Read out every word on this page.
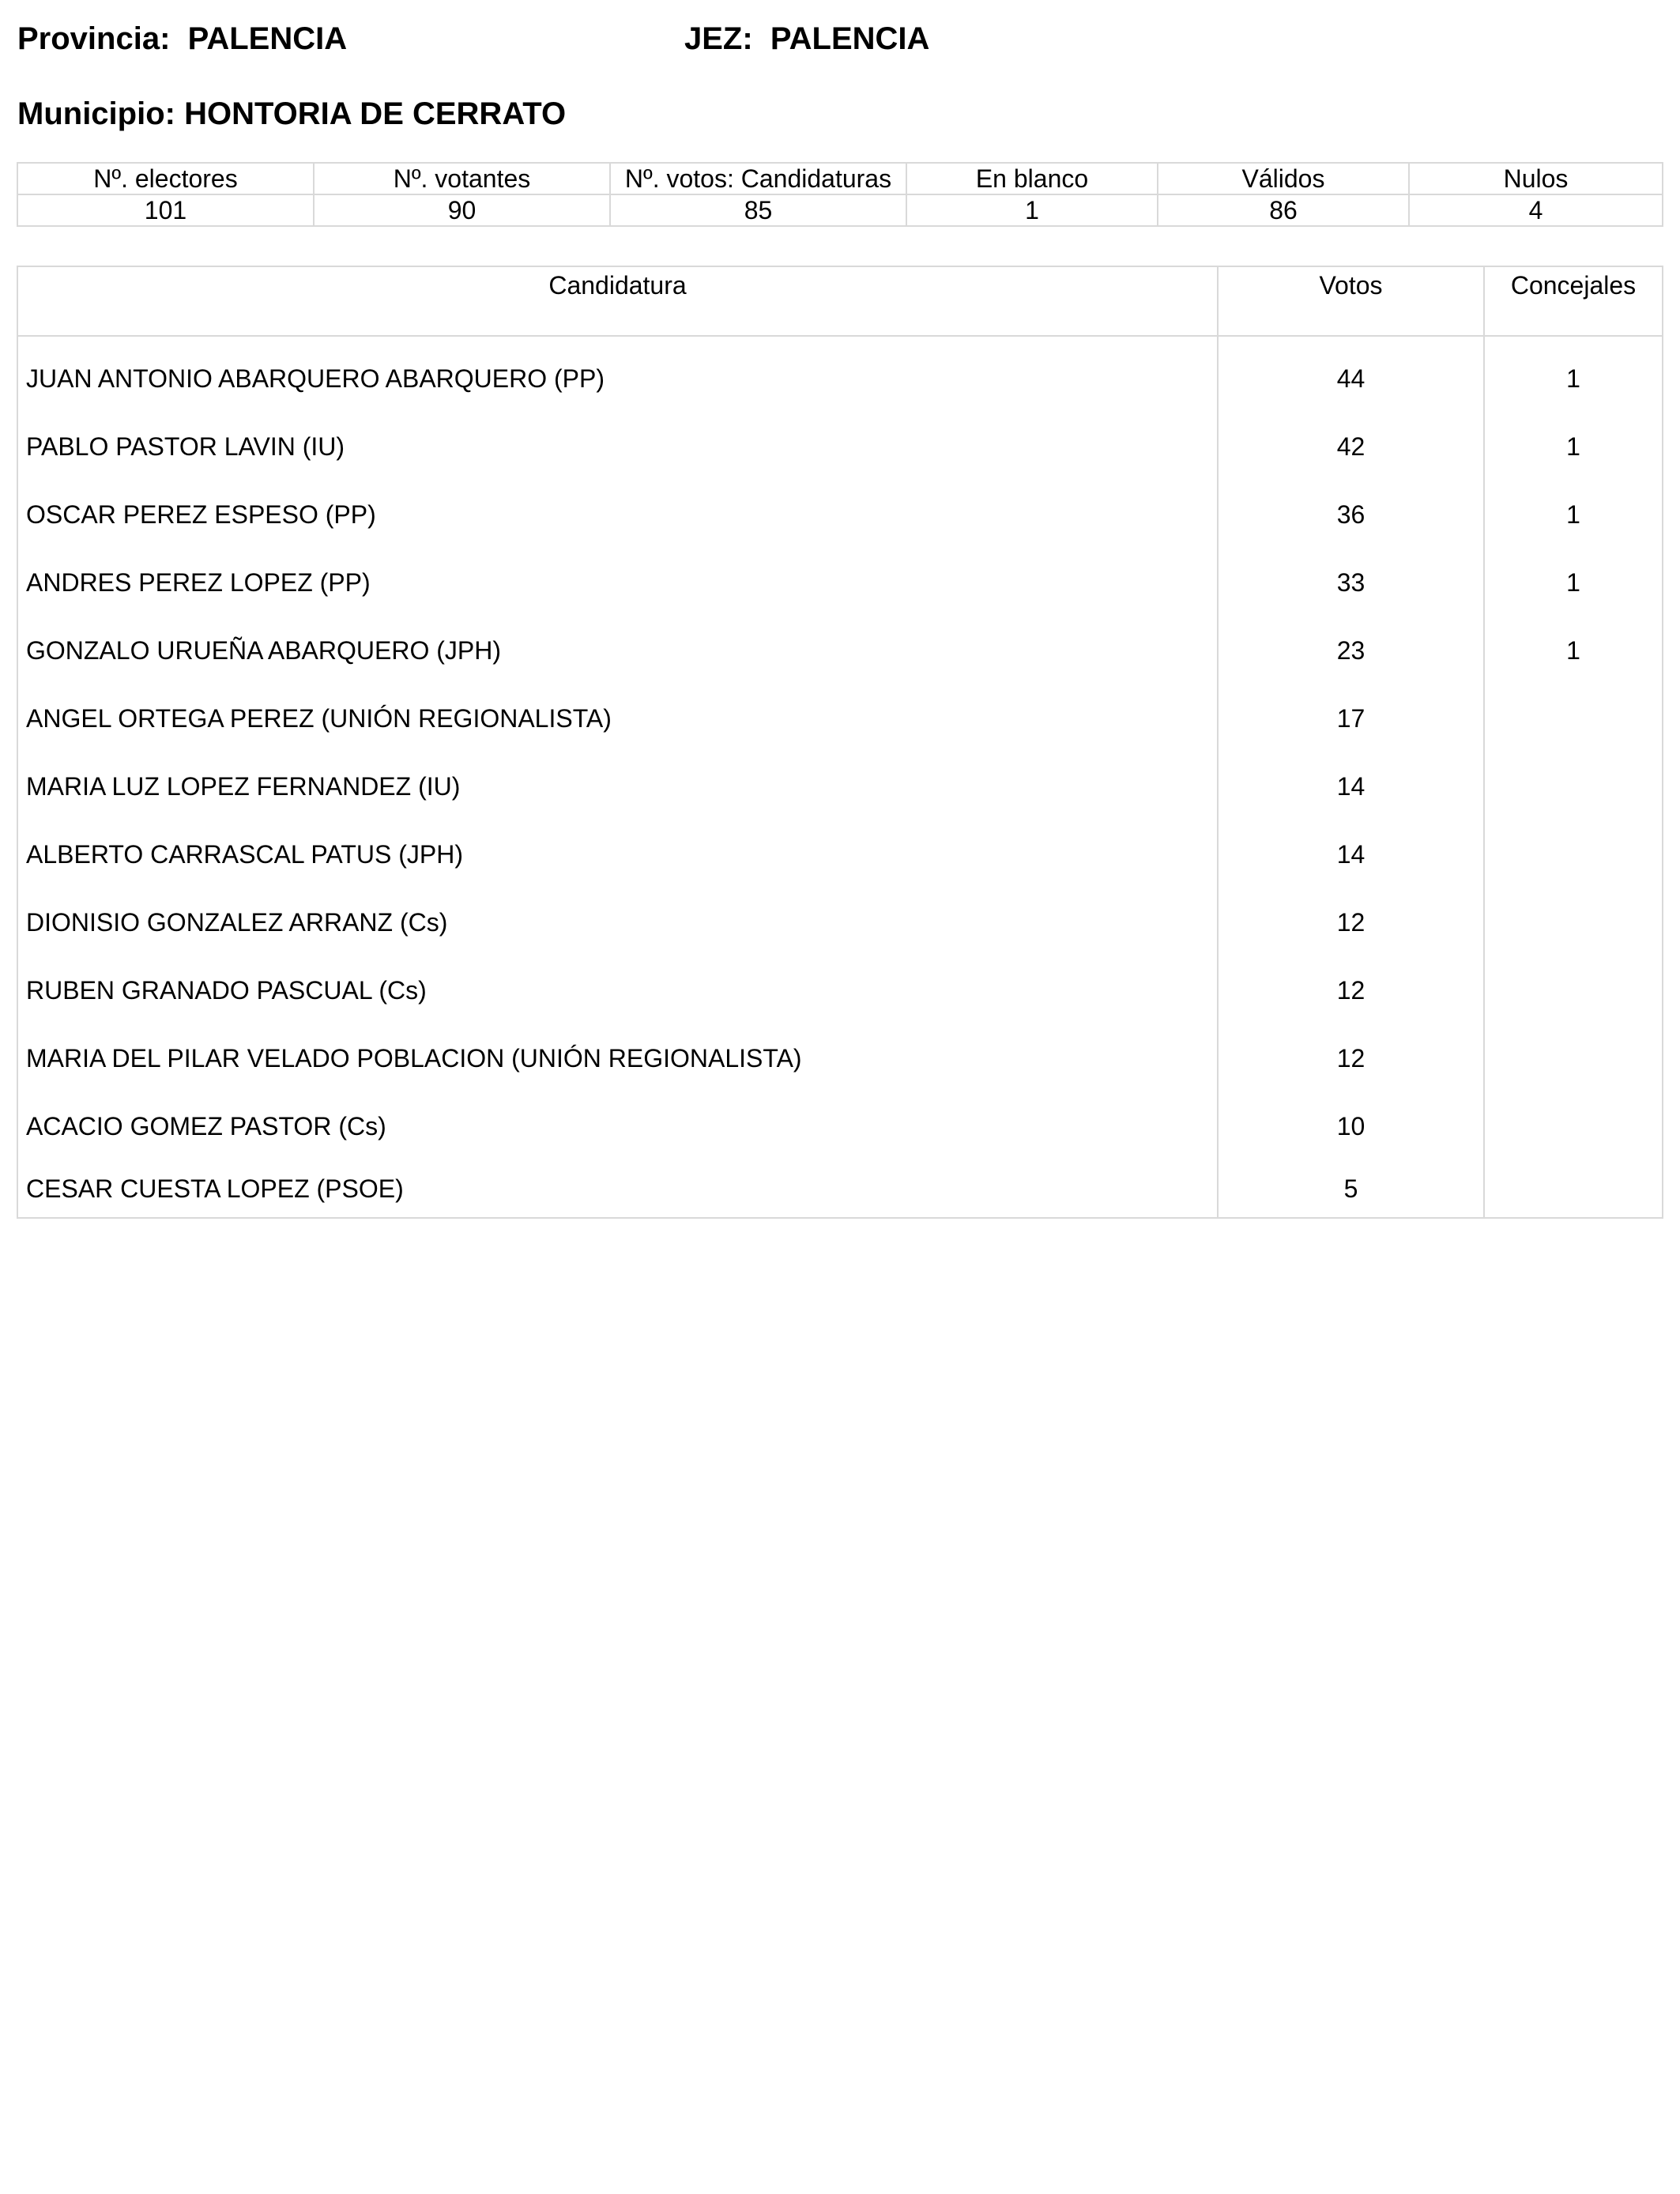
Provincia:  PALENCIA	JEZ:  PALENCIA
Municipio: HONTORIA DE CERRATO
Nº. electores	Nº. votantes	Nº. votos: Candidaturas	En blanco	Válidos	Nulos
101	90	85	1	86	4
Candidatura	Votos	Concejales
JUAN ANTONIO ABARQUERO ABARQUERO (PP)	44	1
PABLO PASTOR LAVIN (IU)	42	1
OSCAR PEREZ ESPESO (PP)	36	1
ANDRES PEREZ LOPEZ (PP)	33	1
GONZALO URUEÑA ABARQUERO (JPH)	23	1
ANGEL ORTEGA PEREZ (UNIÓN REGIONALISTA)	17	
MARIA LUZ LOPEZ FERNANDEZ (IU)	14	
ALBERTO CARRASCAL PATUS (JPH)	14	
DIONISIO GONZALEZ ARRANZ (Cs)	12	
RUBEN GRANADO PASCUAL (Cs)	12	
MARIA DEL PILAR VELADO POBLACION (UNIÓN REGIONALISTA)	12	
ACACIO GOMEZ PASTOR (Cs)	10	
CESAR CUESTA LOPEZ (PSOE)	5	
